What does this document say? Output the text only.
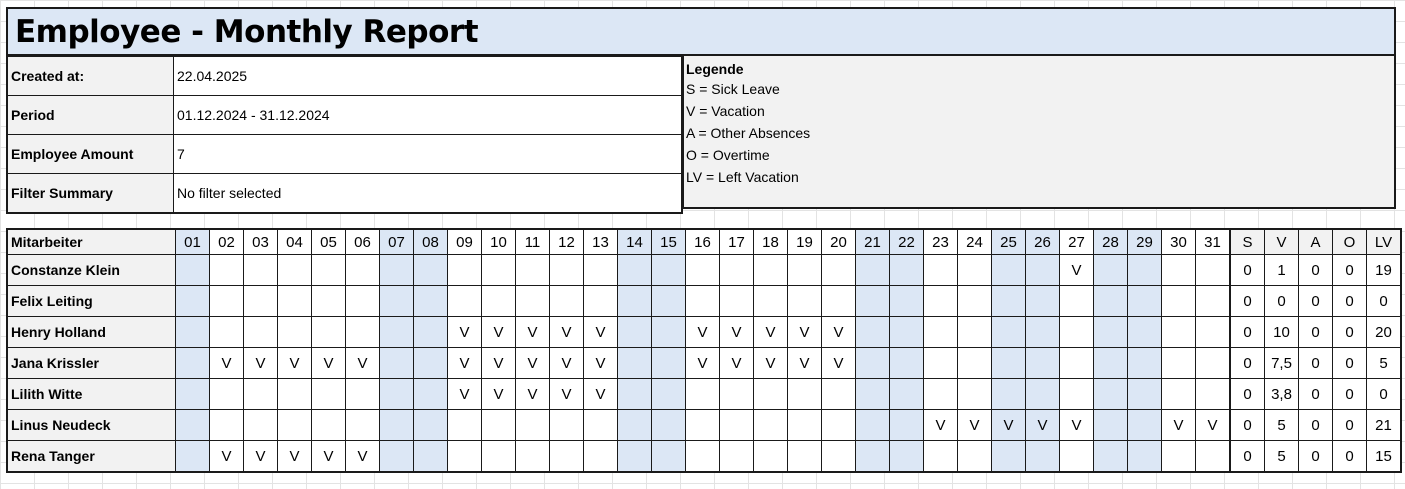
Employee - Monthly Report
Created at:	22.04.2025
Period	01.12.2024 - 31.12.2024
Employee Amount	7
Filter Summary	No filter selected
Legende
S = Sick Leave
V = Vacation
A = Other Absences
O = Overtime
LV = Left Vacation
Mitarbeiter	01	02	03	04	05	06	07	08	09	10	11	12	13	14	15	16	17	18	19	20	21	22	23	24	25	26	27	28	29	30	31	S	V	A	O	LV
Constanze Klein																											V					0	1	0	0	19
Felix Leiting																																0	0	0	0	0
Henry Holland									V	V	V	V	V			V	V	V	V	V												0	10	0	0	20
Jana Krissler		V	V	V	V	V			V	V	V	V	V			V	V	V	V	V												0	7,5	0	0	5
Lilith Witte									V	V	V	V	V																			0	3,8	0	0	0
Linus Neudeck																							V	V	V	V	V			V	V	0	5	0	0	21
Rena Tanger		V	V	V	V	V																										0	5	0	0	15
